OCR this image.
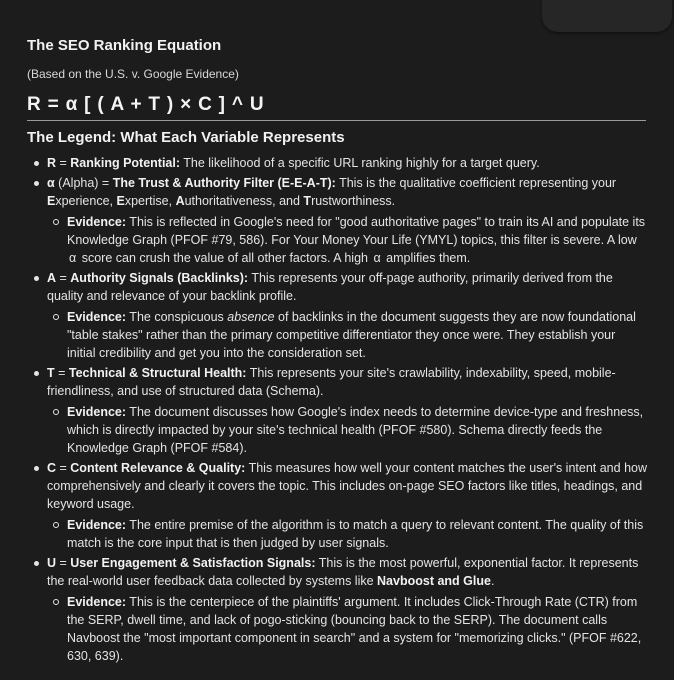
The SEO Ranking Equation
(Based on the U.S. v. Google Evidence)
R = α [ ( A + T ) × C ] ^ U
The Legend: What Each Variable Represents
R = Ranking Potential: The likelihood of a specific URL ranking highly for a target query.
α (Alpha) = The Trust & Authority Filter (E-E-A-T): This is the qualitative coefficient representing your Experience, Expertise, Authoritativeness, and Trustworthiness.
Evidence: This is reflected in Google's need for "good authoritative pages" to train its AI and populate its Knowledge Graph (PFOF #79, 586). For Your Money Your Life (YMYL) topics, this filter is severe. A low α score can crush the value of all other factors. A high α amplifies them.
A = Authority Signals (Backlinks): This represents your off-page authority, primarily derived from the quality and relevance of your backlink profile.
Evidence: The conspicuous absence of backlinks in the document suggests they are now foundational "table stakes" rather than the primary competitive differentiator they once were. They establish your initial credibility and get you into the consideration set.
T = Technical & Structural Health: This represents your site's crawlability, indexability, speed, mobile-friendliness, and use of structured data (Schema).
Evidence: The document discusses how Google's index needs to determine device-type and freshness, which is directly impacted by your site's technical health (PFOF #580). Schema directly feeds the Knowledge Graph (PFOF #584).
C = Content Relevance & Quality: This measures how well your content matches the user's intent and how comprehensively and clearly it covers the topic. This includes on-page SEO factors like titles, headings, and keyword usage.
Evidence: The entire premise of the algorithm is to match a query to relevant content. The quality of this match is the core input that is then judged by user signals.
U = User Engagement & Satisfaction Signals: This is the most powerful, exponential factor. It represents the real-world user feedback data collected by systems like Navboost and Glue.
Evidence: This is the centerpiece of the plaintiffs' argument. It includes Click-Through Rate (CTR) from the SERP, dwell time, and lack of pogo-sticking (bouncing back to the SERP). The document calls Navboost the "most important component in search" and a system for "memorizing clicks." (PFOF #622, 630, 639).
